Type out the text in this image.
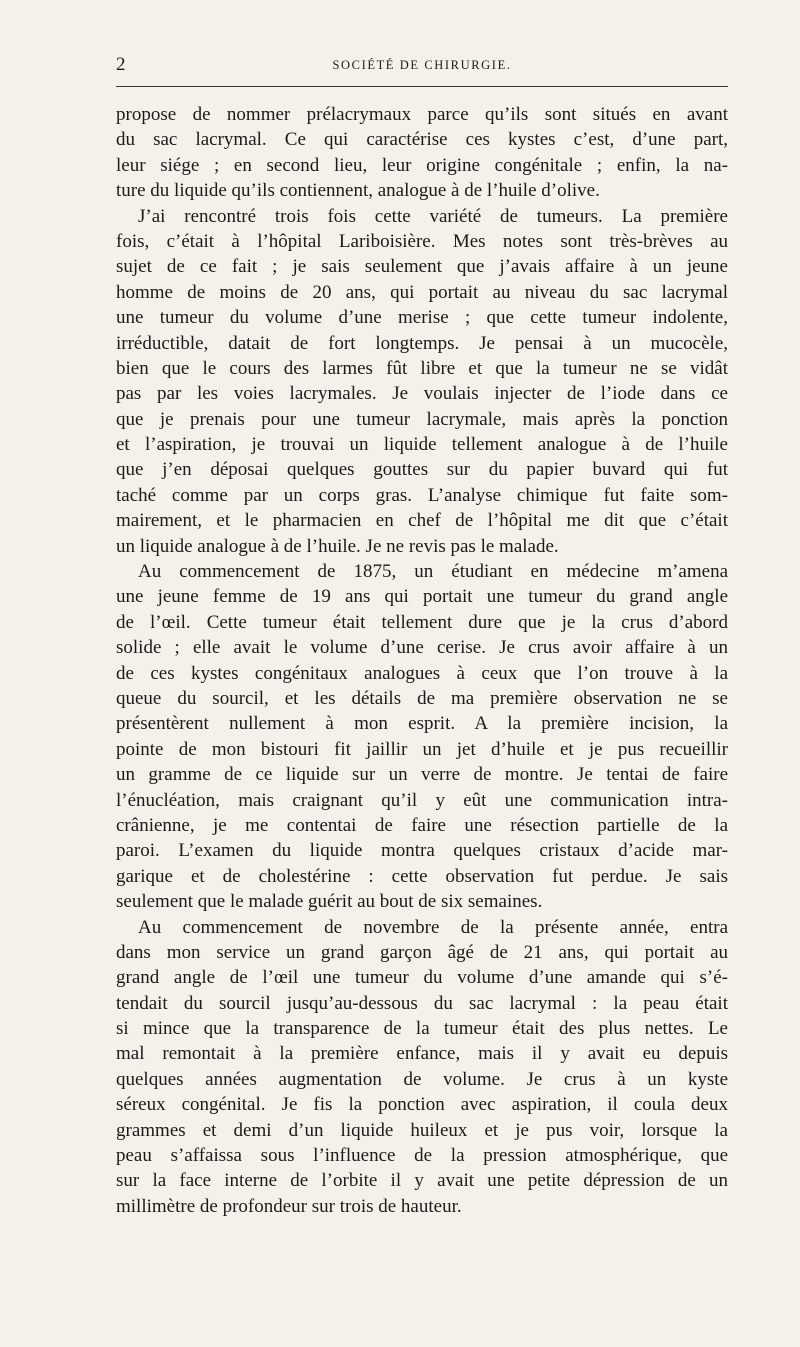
2	SOCIÉTÉ DE CHIRURGIE.
propose de nommer prélacrymaux parce qu’ils sont situés en avant
du sac lacrymal. Ce qui caractérise ces kystes c’est, d’une part,
leur siége ; en second lieu, leur origine congénitale ; enfin, la na-
ture du liquide qu’ils contiennent, analogue à de l’huile d’olive.
J’ai rencontré trois fois cette variété de tumeurs. La première
fois, c’était à l’hôpital Lariboisière. Mes notes sont très-brèves au
sujet de ce fait ; je sais seulement que j’avais affaire à un jeune
homme de moins de 20 ans, qui portait au niveau du sac lacrymal
une tumeur du volume d’une merise ; que cette tumeur indolente,
irréductible, datait de fort longtemps. Je pensai à un mucocèle,
bien que le cours des larmes fût libre et que la tumeur ne se vidât
pas par les voies lacrymales. Je voulais injecter de l’iode dans ce
que je prenais pour une tumeur lacrymale, mais après la ponction
et l’aspiration, je trouvai un liquide tellement analogue à de l’huile
que j’en déposai quelques gouttes sur du papier buvard qui fut
taché comme par un corps gras. L’analyse chimique fut faite som-
mairement, et le pharmacien en chef de l’hôpital me dit que c’était
un liquide analogue à de l’huile. Je ne revis pas le malade.
Au commencement de 1875, un étudiant en médecine m’amena
une jeune femme de 19 ans qui portait une tumeur du grand angle
de l’œil. Cette tumeur était tellement dure que je la crus d’abord
solide ; elle avait le volume d’une cerise. Je crus avoir affaire à un
de ces kystes congénitaux analogues à ceux que l’on trouve à la
queue du sourcil, et les détails de ma première observation ne se
présentèrent nullement à mon esprit. A la première incision, la
pointe de mon bistouri fit jaillir un jet d’huile et je pus recueillir
un gramme de ce liquide sur un verre de montre. Je tentai de faire
l’énucléation, mais craignant qu’il y eût une communication intra-
crânienne, je me contentai de faire une résection partielle de la
paroi. L’examen du liquide montra quelques cristaux d’acide mar-
garique et de cholestérine : cette observation fut perdue. Je sais
seulement que le malade guérit au bout de six semaines.
Au commencement de novembre de la présente année, entra
dans mon service un grand garçon âgé de 21 ans, qui portait au
grand angle de l’œil une tumeur du volume d’une amande qui s’é-
tendait du sourcil jusqu’au-dessous du sac lacrymal : la peau était
si mince que la transparence de la tumeur était des plus nettes. Le
mal remontait à la première enfance, mais il y avait eu depuis
quelques années augmentation de volume. Je crus à un kyste
séreux congénital. Je fis la ponction avec aspiration, il coula deux
grammes et demi d’un liquide huileux et je pus voir, lorsque la
peau s’affaissa sous l’influence de la pression atmosphérique, que
sur la face interne de l’orbite il y avait une petite dépression de un
millimètre de profondeur sur trois de hauteur.
